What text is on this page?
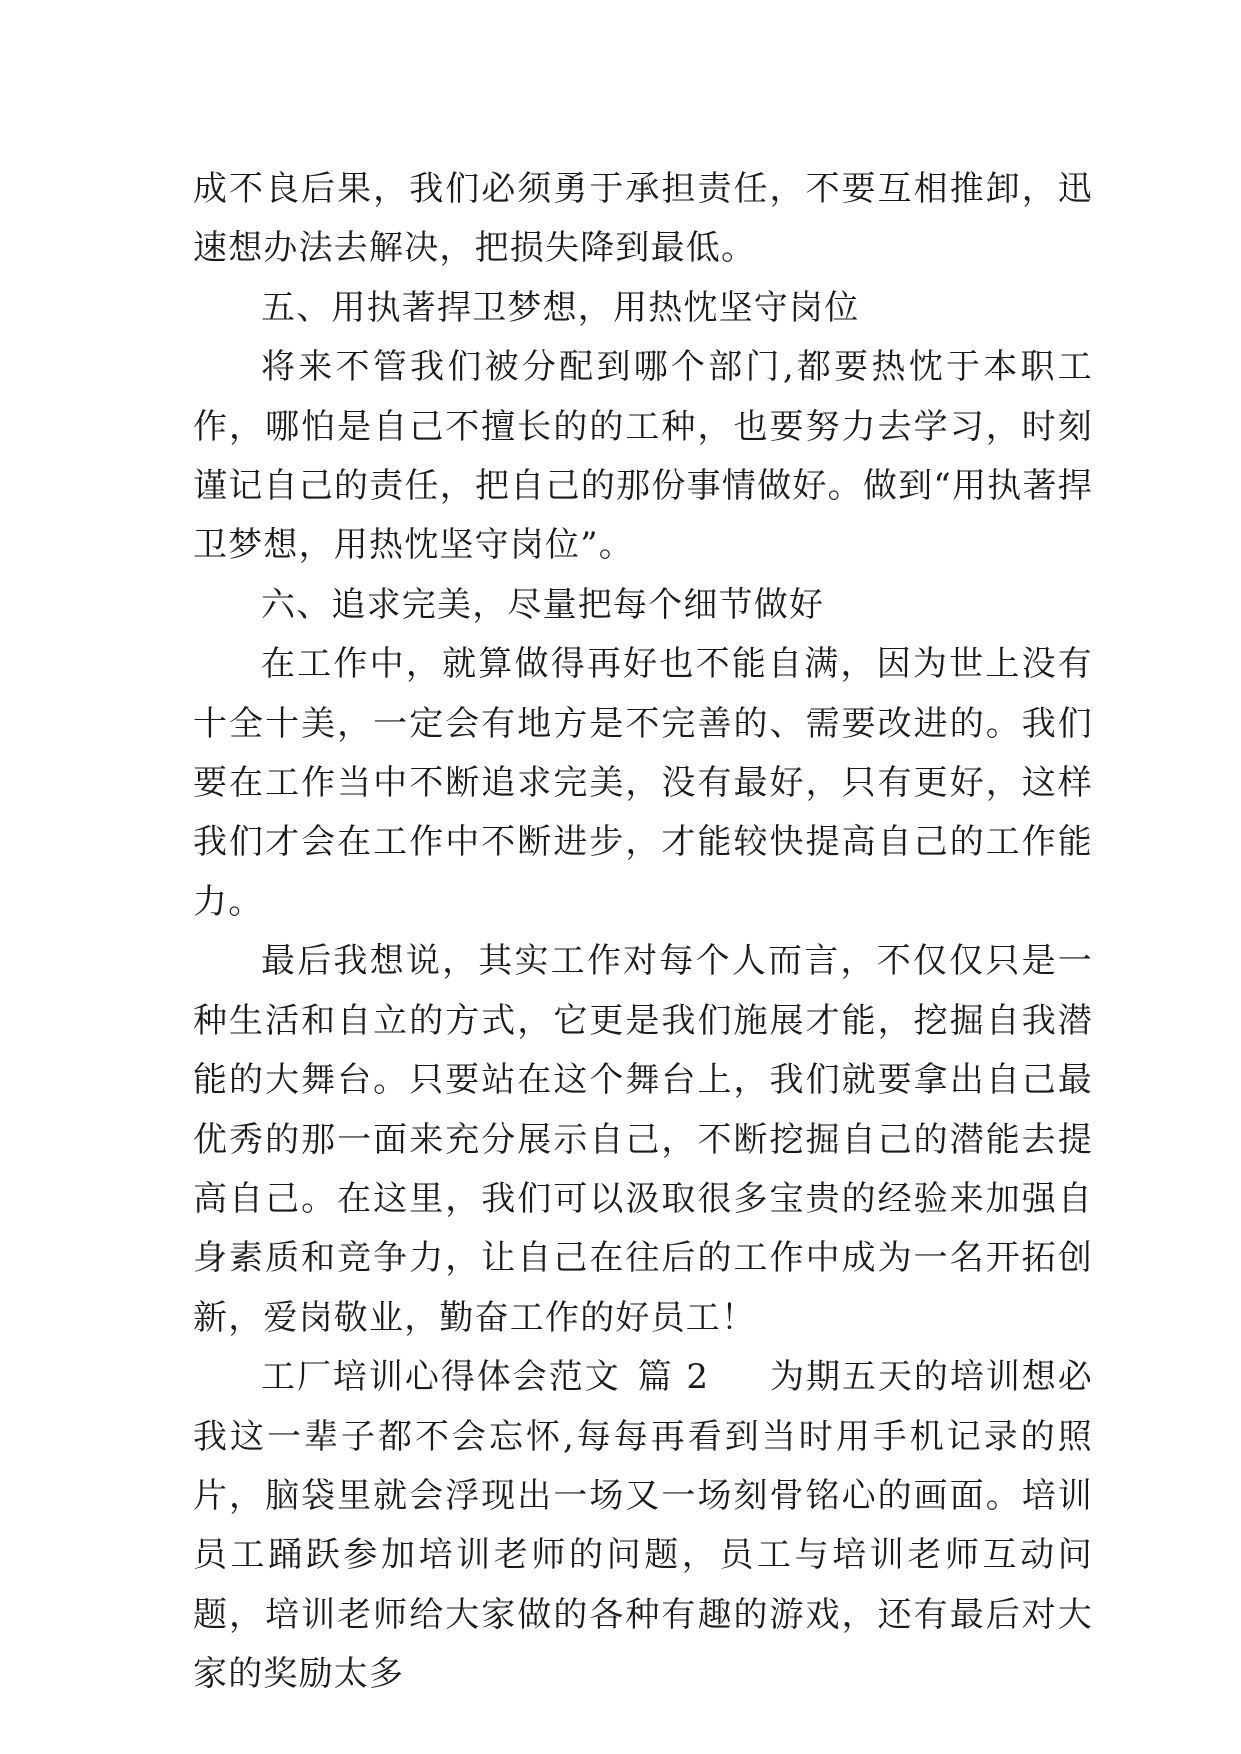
成不良后果，我们必须勇于承担责任，不要互相推卸，迅速想办法去解决，把损失降到最低。

五、用执著捍卫梦想，用热忱坚守岗位

将来不管我们被分配到哪个部门,都要热忱于本职工作，哪怕是自己不擅长的的工种，也要努力去学习，时刻谨记自己的责任，把自己的那份事情做好。做到“用执著捍卫梦想，用热忱坚守岗位”。

六、追求完美，尽量把每个细节做好

在工作中，就算做得再好也不能自满，因为世上没有十全十美，一定会有地方是不完善的、需要改进的。我们要在工作当中不断追求完美，没有最好，只有更好，这样我们才会在工作中不断进步，才能较快提高自己的工作能力。

最后我想说，其实工作对每个人而言，不仅仅只是一种生活和自立的方式，它更是我们施展才能，挖掘自我潜能的大舞台。只要站在这个舞台上，我们就要拿出自己最优秀的那一面来充分展示自己，不断挖掘自己的潜能去提高自己。在这里，我们可以汲取很多宝贵的经验来加强自身素质和竞争力，让自己在往后的工作中成为一名开拓创新，爱岗敬业，勤奋工作的好员工！

工厂培训心得体会范文 篇 2 为期五天的培训想必我这一辈子都不会忘怀,每每再看到当时用手机记录的照片，脑袋里就会浮现出一场又一场刻骨铭心的画面。培训员工踊跃参加培训老师的问题，员工与培训老师互动问题，培训老师给大家做的各种有趣的游戏，还有最后对大家的奖励太多
